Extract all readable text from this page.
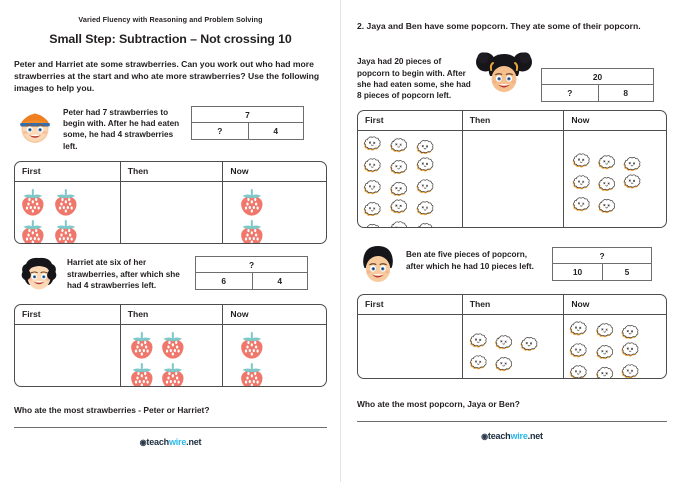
Varied Fluency with Reasoning and Problem Solving
Small Step: Subtraction – Not crossing 10
Peter and Harriet ate some strawberries. Can you work out who had more strawberries at the start and who ate more strawberries? Use the following images to help you.
Peter had 7 strawberries to begin with. After he had eaten some, he had 4 strawberries left.
7
?	4
First	Then	Now
Harriet ate six of her strawberries, after which she had 4 strawberries left.
?
6	4
First	Then	Now
Who ate the most strawberries - Peter or Harriet?
◉teachwire.net
2. Jaya and Ben have some popcorn. They ate some of their popcorn.
Jaya had 20 pieces of popcorn to begin with. After she had eaten some, she had 8 pieces of popcorn left.
20
?	8
First	Then	Now
Ben ate five pieces of popcorn, after which he had 10 pieces left.
?
10	5
First	Then	Now
Who ate the most popcorn, Jaya or Ben?
◉teachwire.net
